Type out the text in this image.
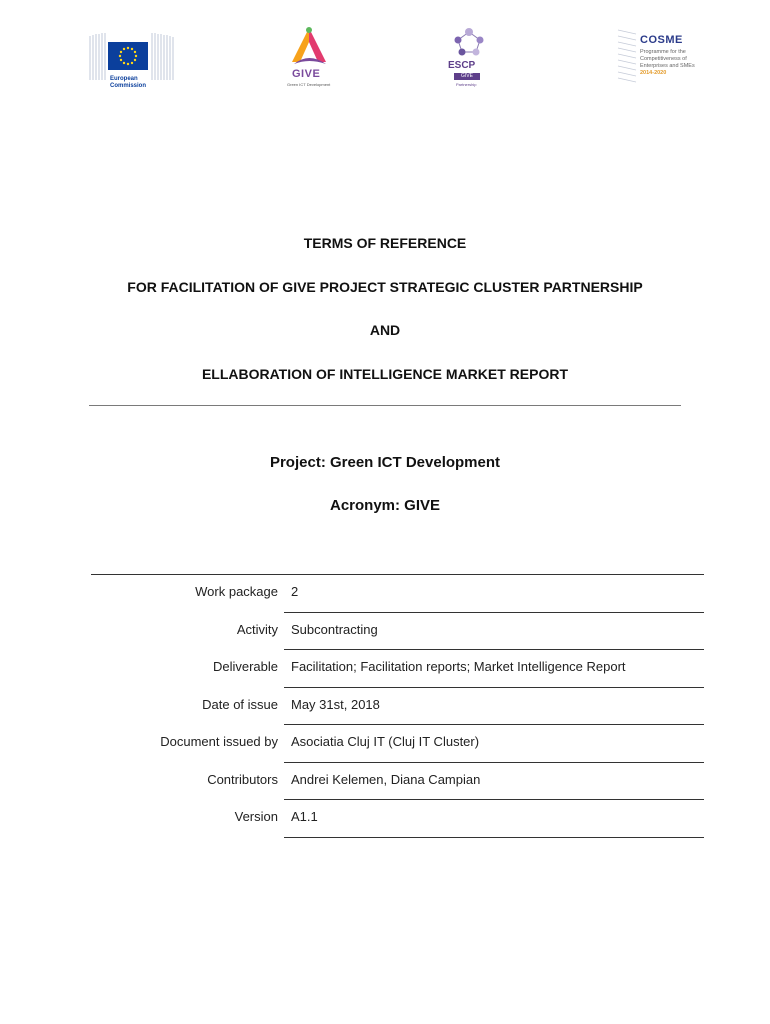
European
Commission
GIVE
Green ICT Development
ESCP
GIVE
Partnership
COSME
Programme for the
Competitiveness of
Enterprises and SMEs
2014-2020
TERMS OF REFERENCE
FOR FACILITATION OF GIVE PROJECT STRATEGIC CLUSTER PARTNERSHIP
AND
ELLABORATION OF INTELLIGENCE MARKET REPORT
Project: Green ICT Development
Acronym: GIVE
Work package 2
Activity Subcontracting
Deliverable Facilitation; Facilitation reports; Market Intelligence Report
Date of issue May 31st, 2018
Document issued by Asociatia Cluj IT (Cluj IT Cluster)
Contributors Andrei Kelemen, Diana Campian
Version A1.1
